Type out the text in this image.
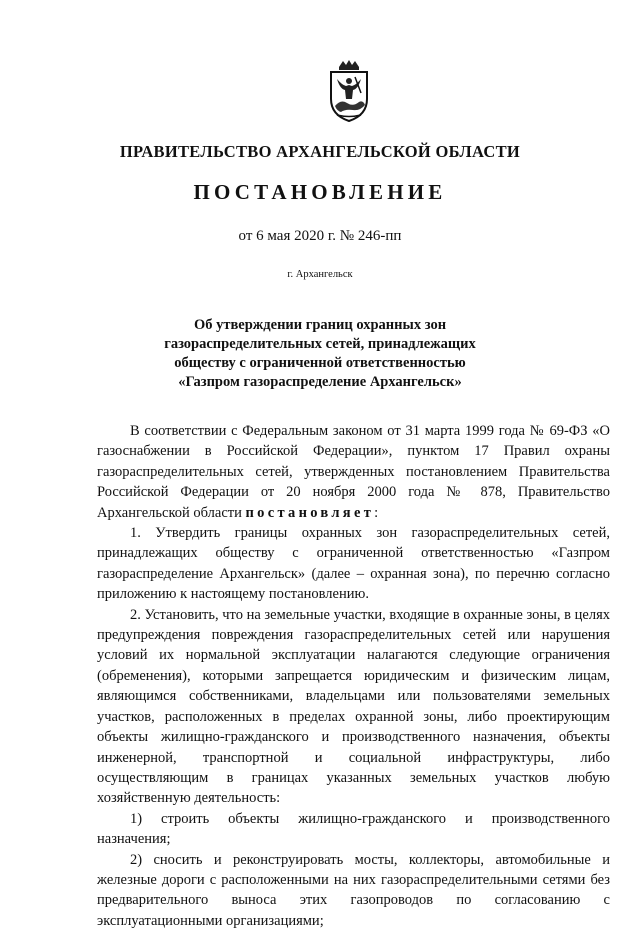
ПРАВИТЕЛЬСТВО АРХАНГЕЛЬСКОЙ ОБЛАСТИ
ПОСТАНОВЛЕНИЕ
от 6 мая 2020 г. № 246-пп
г. Архангельск
Об утверждении границ охранных зон
газораспределительных сетей, принадлежащих
обществу с ограниченной ответственностью
«Газпром газораспределение Архангельск»

В соответствии с Федеральным законом от 31 марта 1999 года № 69-ФЗ «О газоснабжении в Российской Федерации», пунктом 17 Правил охраны газораспределительных сетей, утвержденных постановлением Правительства Российской Федерации от 20 ноября 2000 года № 878, Правительство Архангельской области постановляет:

1. Утвердить границы охранных зон газораспределительных сетей, принадлежащих обществу с ограниченной ответственностью «Газпром газораспределение Архангельск» (далее – охранная зона), по перечню согласно приложению к настоящему постановлению.

2. Установить, что на земельные участки, входящие в охранные зоны, в целях предупреждения повреждения газораспределительных сетей или нарушения условий их нормальной эксплуатации налагаются следующие ограничения (обременения), которыми запрещается юридическим и физическим лицам, являющимся собственниками, владельцами или пользователями земельных участков, расположенных в пределах охранной зоны, либо проектирующим объекты жилищно-гражданского и производственного назначения, объекты инженерной, транспортной и социальной инфраструктуры, либо осуществляющим в границах указанных земельных участков любую хозяйственную деятельность:

1) строить объекты жилищно-гражданского и производственного назначения;

2) сносить и реконструировать мосты, коллекторы, автомобильные и железные дороги с расположенными на них газораспределительными сетями без предварительного выноса этих газопроводов по согласованию с эксплуатационными организациями;
